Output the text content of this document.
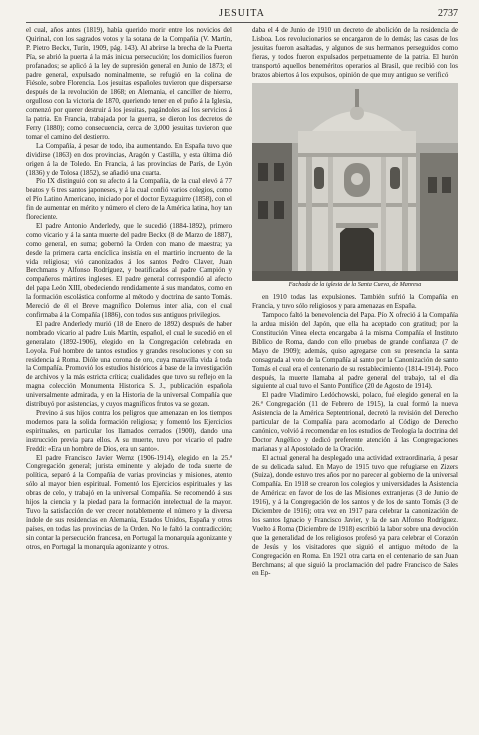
JESUITA	2737

el cual, años antes (1819), había querido morir entre los novicios del Quirinal, con los sagrados votos y la sotana de la Compañía (V. Martín, P. Pietro Beckx, Turín, 1909, pág. 143). Al abrirse la brecha de la Puerta Pía, se abrió la puerta á la más inicua persecución; los domicilios fueron profanados; se aplicó á la ley de supresión general en Junio de 1873; el padre general, expulsado nominalmente, se refugió en la colina de Fiésole, sobre Florencia. Los jesuitas españoles tuvieron que dispersarse después de la revolución de 1868; en Alemania, el canciller de hierro, orgulloso con la victoria de 1870, queriendo tener en el puño á la Iglesia, comenzó por querer destruir á los jesuitas, pagándoles así los servicios á la patria. En Francia, trabajada por la guerra, se dieron los decretos de Ferry (1880); como consecuencia, cerca de 3,000 jesuitas tuvieron que tomar el camino del destierro.

La Compañía, á pesar de todo, iba aumentando. En España tuvo que dividirse (1863) en dos provincias, Aragón y Castilla, y esta última dió origen á la de Toledo. En Francia, á las provincias de París, de Lyón (1836) y de Tolosa (1852), se añadió una cuarta.

Pío IX distinguió con su afecto á la Compañía, de la cual elevó á 77 beatos y 6 tres santos japoneses, y á la cual confió varios colegios, como el Pío Latino Americano, iniciado por el doctor Eyzaguirre (1858), con el fin de aumentar en mérito y número el clero de la América latina, hoy tan floreciente.

El padre Antonio Anderledy, que le sucedió (1884-1892), primero como vicario y á la santa muerte del padre Beckx (8 de Marzo de 1887), como general, en suma; gobernó la Orden con mano de maestra; ya desde la primera carta encíclica insistía en el martirio incruento de la vida religiosa; vió canonizados á los santos Pedro Claver, Juan Berchmans y Alfonso Rodríguez, y beatificados al padre Campión y compañeros mártires ingleses. El padre general correspondió al afecto del papa León XIII, obedeciendo rendidamente á sus mandatos, como en la formación escolástica conforme al método y doctrina de santo Tomás. Mereció de él el Breve magnífico Dolemus inter alia, con el cual confirmaba á la Compañía (1886), con todos sus antiguos privilegios.

El padre Anderledy murió (18 de Enero de 1892) después de haber nombrado vicario al padre Luis Martín, español, el cual le sucedió en el generalato (1892-1906), elegido en la Congregación celebrada en Loyola. Fué hombre de tantos estudios y grandes resoluciones y con su residencia á Roma. Dióle una corona de oro, cuya maravilla vida á toda la Compañía. Promovió los estudios históricos á base de la investigación de archivos y la más estricta crítica; cualidades que tuvo su reflejo en la magna colección Monumenta Historica S. J., publicación española universalmente admirada, y en la Historia de la universal Compañía que distribuyó por asistencias, y cuyos magníficos frutos va se gozan.

Previno á sus hijos contra los peligros que amenazan en los tiempos modernos para la solida formación religiosa; y fomentó los Ejercicios espirituales, en particular los llamados cerrados (1900), dando una instrucción previa para ellos. A su muerte, tuvo por vicario el padre Freddi: «Era un hombre de Dios, era un santo».

El padre Francisco Javier Wernz (1906-1914), elegido en la 25.ª Congregación general; jurista eminente y alejado de toda suerte de política, separó á la Compañía de varias provincias y misiones, atento sólo al mayor bien espiritual. Fomentó los Ejercicios espirituales y las obras de celo, y trabajó en la universal Compañía. Se recomendó á sus hijos la ciencia y la piedad para la formación intelectual de la mayor. Tuvo la satisfacción de ver crecer notablemente el número y la diversa índole de sus residencias en Alemania, Estados Unidos, España y otros países, en todas las provincias de la Orden. No le faltó la contradicción; sin contar la persecución francesa, en Portugal la monarquía agonizante y otros, en Portugal la monarquía agonizante y otros.

daba el 4 de Junio de 1910 un decreto de abolición de la residencia de Lisboa. Los revolucionarios se encargaron de lo demás; las casas de los jesuitas fueron asaltadas, y algunos de sus hermanos perseguidos como fieras, y todos fueron expulsados perpetuamente de la patria. El hurón transportó aquellos beneméritos operarios al Brasil, que recibió con los brazos abiertos á los expulsos, opinión de que muy antiguo se verificó

Fachada de la iglesia de la Santa Cueva, de Manresa

en 1910 todas las expulsiones. También sufrió la Compañía en Francia, y tuvo sólo religiosos y para amenazas en España.

Tampoco faltó la benevolencia del Papa. Pío X ofreció á la Compañía la ardua misión del Japón, que ella ha aceptado con gratitud; por la Constitución Vinea electa encargaba á la misma Compañía el Instituto Bíblico de Roma, dando con ello pruebas de grande confianza (7 de Mayo de 1909); además, quiso agregarse con su presencia la santa consagrada al voto de la Compañía al santo por la Canonización de santo Tomás el cual era el centenario de su restablecimiento (1814-1914). Poco después, la muerte llamaba al padre general del trabajo, tal el día siguiente al cual tuvo el Santo Pontífice (20 de Agosto de 1914).

El padre Vladimiro Ledóchowski, polaco, fué elegido general en la 26.ª Congregación (11 de Febrero de 1915), la cual formó la nueva Asistencia de la América Septentrional, decretó la revisión del Derecho particular de la Compañía para acomodarlo al Código de Derecho canónico, volvió á recomendar en los estudios de Teología la doctrina del Doctor Angélico y dedicó preferente atención á las Congregaciones marianas y al Apostolado de la Oración.

El actual general ha desplegado una actividad extraordinaria, á pesar de su delicada salud. En Mayo de 1915 tuvo que refugiarse en Zizers (Suiza), donde estuvo tres años por no parecer al gobierno de la universal Compañía. En 1918 se crearon los colegios y universidades la Asistencia de América: en favor de los de las Misiones extranjeras (3 de Junio de 1916), y á la Congregación de los santos y de los de santo Tomás (3 de Diciembre de 1916); otra vez en 1917 para celebrar la canonización de los santos Ignacio y Francisco Javier, y la de san Alfonso Rodríguez. Vuelto á Roma (Diciembre de 1918) escribió la labor sobre una devoción que la generalidad de los religiosos profesó ya para celebrar el Corazón de Jesús y los visitadores que siguió el antiguo método de la Congregación en Roma. En 1921 otra carta en el centenario de san Juan Berchmans; al que siguió la proclamación del padre Francisco de Sales en Ep-
